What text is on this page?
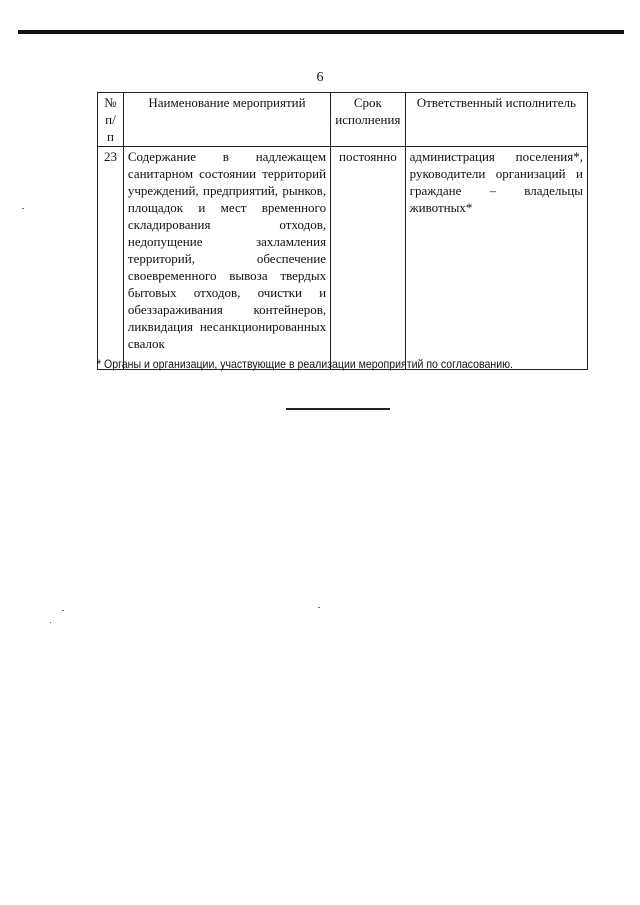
6
№ п/п	Наименование мероприятий	Срок исполнения	Ответственный исполнитель
23	Содержание в надлежащем санитарном состоянии территорий учреждений, предприятий, рынков, площадок и мест временного складирования отходов, недопущение захламления территорий, обеспечение своевременного вывоза твердых бытовых отходов, очистки и обеззараживания контейнеров, ликвидация несанкционированных свалок	постоянно	администрация поселения*, руководители организаций и граждане – владельцы животных*
* Органы и организации, участвующие в реализации мероприятий по согласованию.
